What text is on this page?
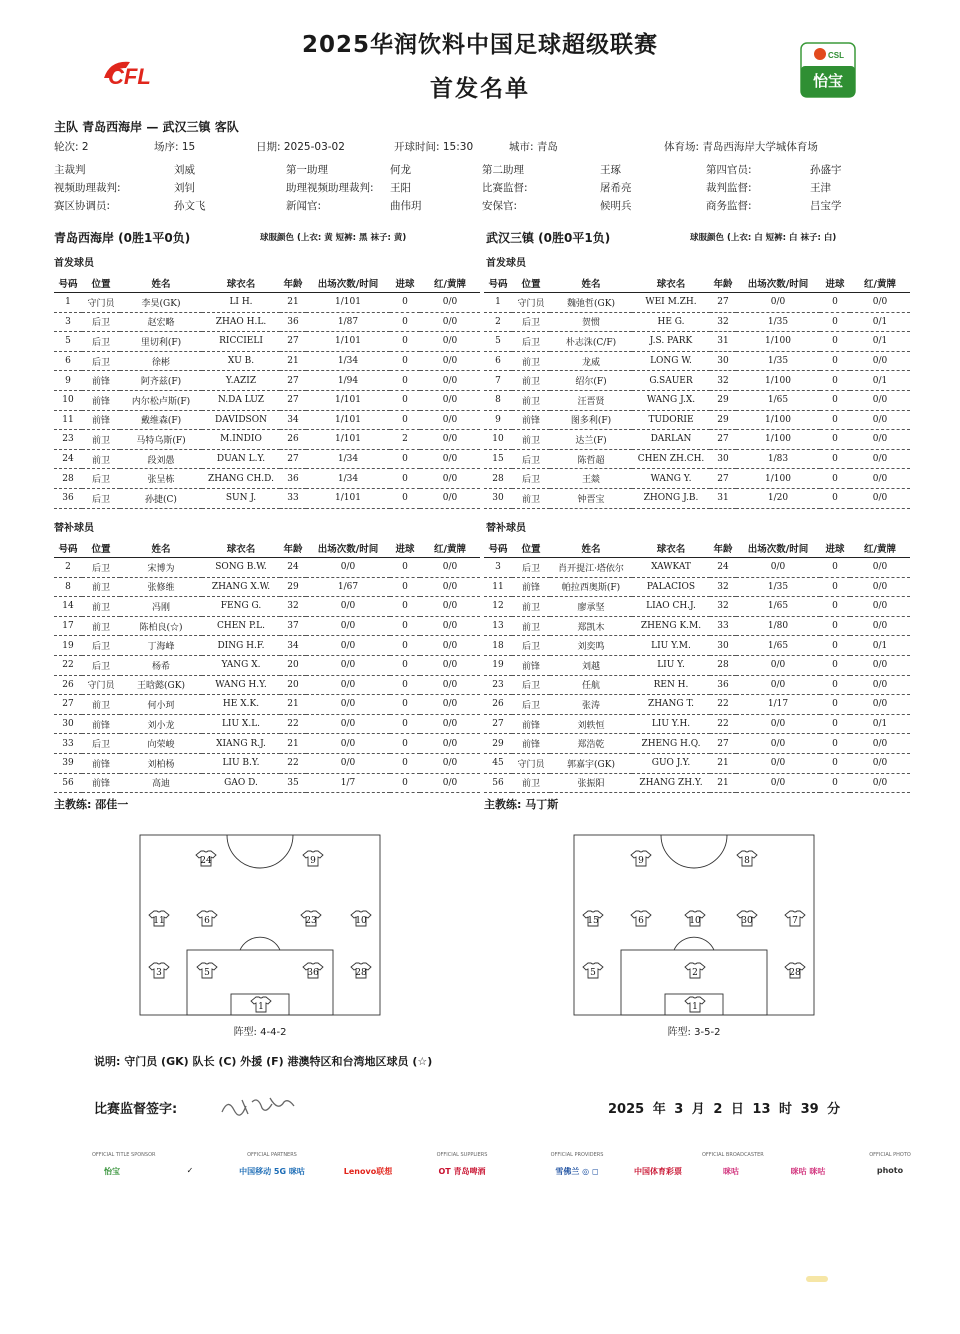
CFL
2025华润饮料中国足球超级联赛
首发名单
CSL
怡宝
主队 青岛西海岸 — 武汉三镇 客队
轮次: 2	场序: 15	日期: 2025-03-02	开球时间: 15:30	城市: 青岛	体育场: 青岛西海岸大学城体育场
主裁判	刘威	第一助理	何龙	第二助理	王琢	第四官员:	孙盛宇
视频助理裁判:	刘钊	助理视频助理裁判: 王阳	比赛监督:	屠希亮	裁判监督:	王津
赛区协调员:	孙文飞	新闻官:	曲伟玥	安保官:	候明兵	商务监督:	吕宝学
青岛西海岸 (0胜1平0负)	球服颜色 (上衣: 黄 短裤: 黑 袜子: 黄)	武汉三镇 (0胜0平1负)	球服颜色 (上衣: 白 短裤: 白 袜子: 白)
首发球员	首发球员
替补球员	替补球员
号码	位置	姓名	球衣名	年龄	出场次数/时间	进球	红/黄牌
1	守门员	李昊(GK)	LI H.	21	1/101	0	0/0
3	后卫	赵宏略	ZHAO H.L.	36	1/87	0	0/0
5	后卫	里切利(F)	RICCIELI	27	1/101	0	0/0
6	后卫	徐彬	XU B.	21	1/34	0	0/0
9	前锋	阿齐兹(F)	Y.AZIZ	27	1/94	0	0/0
10	前锋	内尔松卢斯(F)	N.DA LUZ	27	1/101	0	0/0
11	前锋	戴维森(F)	DAVIDSON	34	1/101	0	0/0
23	前卫	马特乌斯(F)	M.INDIO	26	1/101	2	0/0
24	前卫	段刘愚	DUAN L.Y.	27	1/34	0	0/0
28	后卫	张呈栋	ZHANG CH.D.	36	1/34	0	0/0
36	后卫	孙捷(C)	SUN J.	33	1/101	0	0/0
号码	位置	姓名	球衣名	年龄	出场次数/时间	进球	红/黄牌
1	守门员	魏弛哲(GK)	WEI M.ZH.	27	0/0	0	0/0
2	后卫	贺惯	HE G.	32	1/35	0	0/1
5	后卫	朴志洙(C/F)	J.S. PARK	31	1/100	0	0/1
6	前卫	龙威	LONG W.	30	1/35	0	0/0
7	前卫	绍尔(F)	G.SAUER	32	1/100	0	0/1
8	前卫	汪晋贤	WANG J.X.	29	1/65	0	0/0
9	前锋	图多利(F)	TUDORIE	29	1/100	0	0/0
10	前卫	达兰(F)	DARLAN	27	1/100	0	0/0
15	后卫	陈哲超	CHEN ZH.CH.	30	1/83	0	0/0
28	后卫	王燚	WANG Y.	27	1/100	0	0/0
30	前卫	钟晋宝	ZHONG J.B.	31	1/20	0	0/0
号码	位置	姓名	球衣名	年龄	出场次数/时间	进球	红/黄牌
2	后卫	宋博为	SONG B.W.	24	0/0	0	0/0
8	前卫	张修维	ZHANG X.W.	29	1/67	0	0/0
14	前卫	冯刚	FENG G.	32	0/0	0	0/0
17	前卫	陈柏良(☆)	CHEN P.L.	37	0/0	0	0/0
19	后卫	丁海峰	DING H.F.	34	0/0	0	0/0
22	后卫	杨希	YANG X.	20	0/0	0	0/0
26	守门员	王晗懿(GK)	WANG H.Y.	20	0/0	0	0/0
27	前卫	何小珂	HE X.K.	21	0/0	0	0/0
30	前锋	刘小龙	LIU X.L.	22	0/0	0	0/0
33	后卫	向荣峻	XIANG R.J.	21	0/0	0	0/0
39	前锋	刘柏杨	LIU B.Y.	22	0/0	0	0/0
56	前锋	高迪	GAO D.	35	1/7	0	0/0
号码	位置	姓名	球衣名	年龄	出场次数/时间	进球	红/黄牌
3	后卫	肖开提江·塔依尔	XAWKAT	24	0/0	0	0/0
11	前锋	帕拉西奥斯(F)	PALACIOS	32	1/35	0	0/0
12	前卫	廖承坚	LIAO CH.J.	32	1/65	0	0/0
13	前卫	郑凯木	ZHENG K.M.	33	1/80	0	0/0
18	后卫	刘奕鸣	LIU Y.M.	30	1/65	0	0/1
19	前锋	刘越	LIU Y.	28	0/0	0	0/0
23	后卫	任航	REN H.	36	0/0	0	0/0
26	后卫	张涛	ZHANG T.	22	1/17	0	0/0
27	前锋	刘轶恒	LIU Y.H.	22	0/0	0	0/1
29	前锋	郑浩乾	ZHENG H.Q.	27	0/0	0	0/0
45	守门员	郭嘉宇(GK)	GUO J.Y.	21	0/0	0	0/0
56	前卫	张振阳	ZHANG ZH.Y.	21	0/0	0	0/0
主教练: 邵佳一	主教练: 马丁斯
24	9
11	6	23	10
3	5	36	28
1
9	8
15	6	10	30	7
5	2	28
1
阵型: 4-4-2	阵型: 3-5-2
说明: 守门员 (GK) 队长 (C) 外援 (F) 港澳特区和台湾地区球员 (☆)
比赛监督签字:	2025 年 3 月 2 日 13 时 39 分
OFFICIAL TITLE SPONSOR
怡宝	✓
OFFICIAL PARTNERS
中国移动 5G 咪咕	Lenovo联想
OFFICIAL SUPPLIERS
OT 青岛啤酒
OFFICIAL PROVIDERS
雪佛兰 ◎ ◻	中国体育彩票
OFFICIAL BROADCASTER
咪咕	咪咕 咪咕
OFFICIAL PHOTO
photo
